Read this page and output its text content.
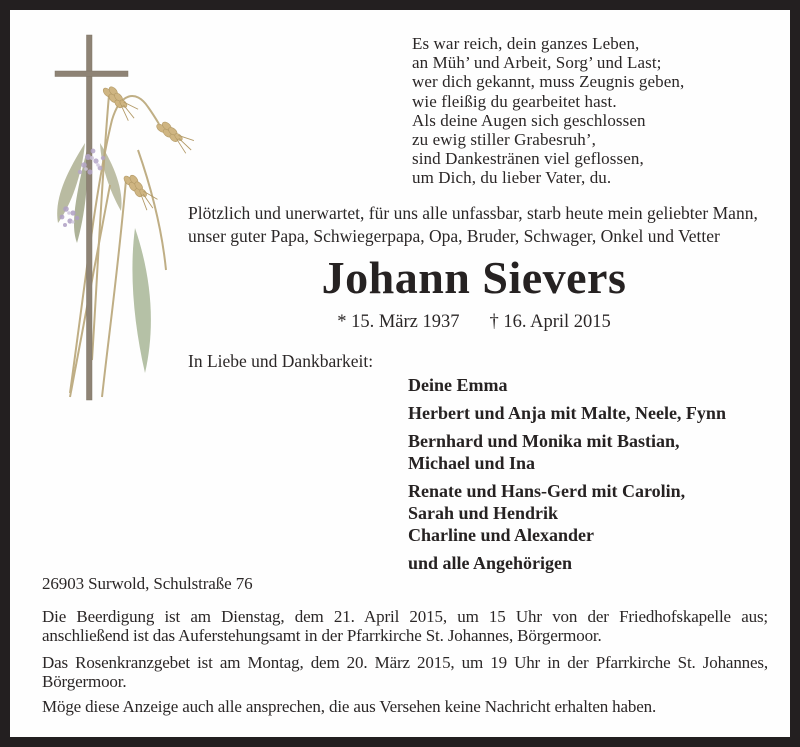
Es war reich, dein ganzes Leben,
an Müh’ und Arbeit, Sorg’ und Last;
wer dich gekannt, muss Zeugnis geben,
wie fleißig du gearbeitet hast.
Als deine Augen sich geschlossen
zu ewig stiller Grabesruh’,
sind Dankestränen viel geflossen,
um Dich, du lieber Vater, du.
Plötzlich und unerwartet, für uns alle unfassbar, starb heute mein geliebter Mann,
unser guter Papa, Schwiegerpapa, Opa, Bruder, Schwager, Onkel und Vetter
Johann Sievers
* 15. März 1937 † 16. April 2015
In Liebe und Dankbarkeit:
Deine Emma
Herbert und Anja mit Malte, Neele, Fynn
Bernhard und Monika mit Bastian,
Michael und Ina
Renate und Hans-Gerd mit Carolin,
Sarah und Hendrik
Charline und Alexander
und alle Angehörigen
26903 Surwold, Schulstraße 76
Die Beerdigung ist am Dienstag, dem 21. April 2015, um 15 Uhr von der Friedhofskapelle aus;
anschließend ist das Auferstehungsamt in der Pfarrkirche St. Johannes, Börgermoor.
Das Rosenkranzgebet ist am Montag, dem 20. März 2015, um 19 Uhr in der Pfarrkirche St. Johannes,
Börgermoor.
Möge diese Anzeige auch alle ansprechen, die aus Versehen keine Nachricht erhalten haben.
